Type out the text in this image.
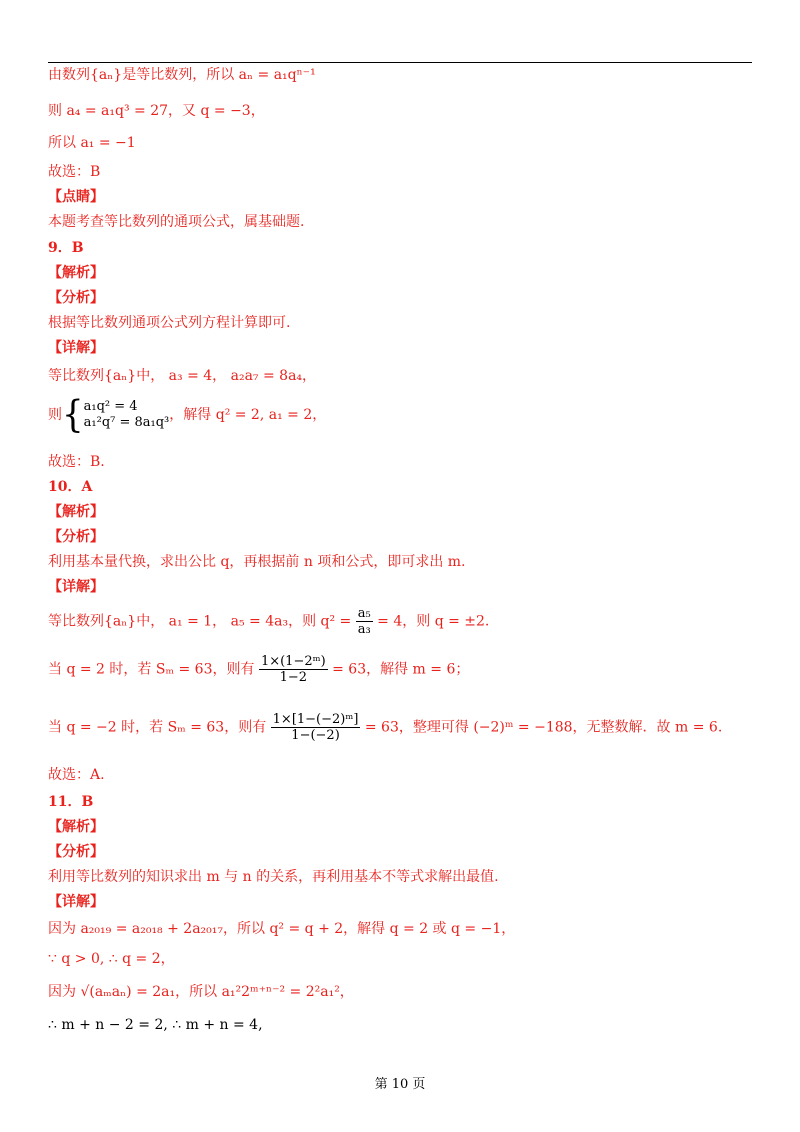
由数列{aₙ}是等比数列，所以 aₙ = a₁qⁿ⁻¹
则 a₄ = a₁q³ = 27，又 q = −3，
所以 a₁ = −1
故选：B
【点睛】
本题考查等比数列的通项公式，属基础题.
9．B
【解析】
【分析】
根据等比数列通项公式列方程计算即可.
【详解】
等比数列{aₙ}中， a₃ = 4， a₂a₇ = 8a₄，
则{ a₁q² = 4
a₁²q⁷ = 8a₁q³ ，解得 q² = 2, a₁ = 2，
故选：B.
10．A
【解析】
【分析】
利用基本量代换，求出公比 q，再根据前 n 项和公式，即可求出 m.
【详解】
等比数列{aₙ}中， a₁ = 1， a₅ = 4a₃，则 $q^2 = \frac{\text{a₅}}{\text{a₃}} = 4$，则 q = ±2.
当 q = 2 时，若 Sₘ = 63，则有 $\frac{\text{1×(1−2ᵐ)}}{1-2} = 63$，解得 m = 6；
当 q = −2 时，若 Sₘ = 63，则有 $\frac{\text{1×[1−(−2)ᵐ]}}{1-(-2)} = 63$，整理可得 (−2)ᵐ = −188，无整数解．故 m = 6.
故选：A.
11．B
【解析】
【分析】
利用等比数列的知识求出 m 与 n 的关系，再利用基本不等式求解出最值.
【详解】
因为 a₂₀₁₉ = a₂₀₁₈ + 2a₂₀₁₇，所以 q² = q + 2，解得 q = 2 或 q = −1，
∵ q > 0, ∴ q = 2，
因为 √(aₘaₙ) = 2a₁，所以 a₁²2ᵐ⁺ⁿ⁻² = 2²a₁²，
∴ m + n − 2 = 2, ∴ m + n = 4,
第 10 页
